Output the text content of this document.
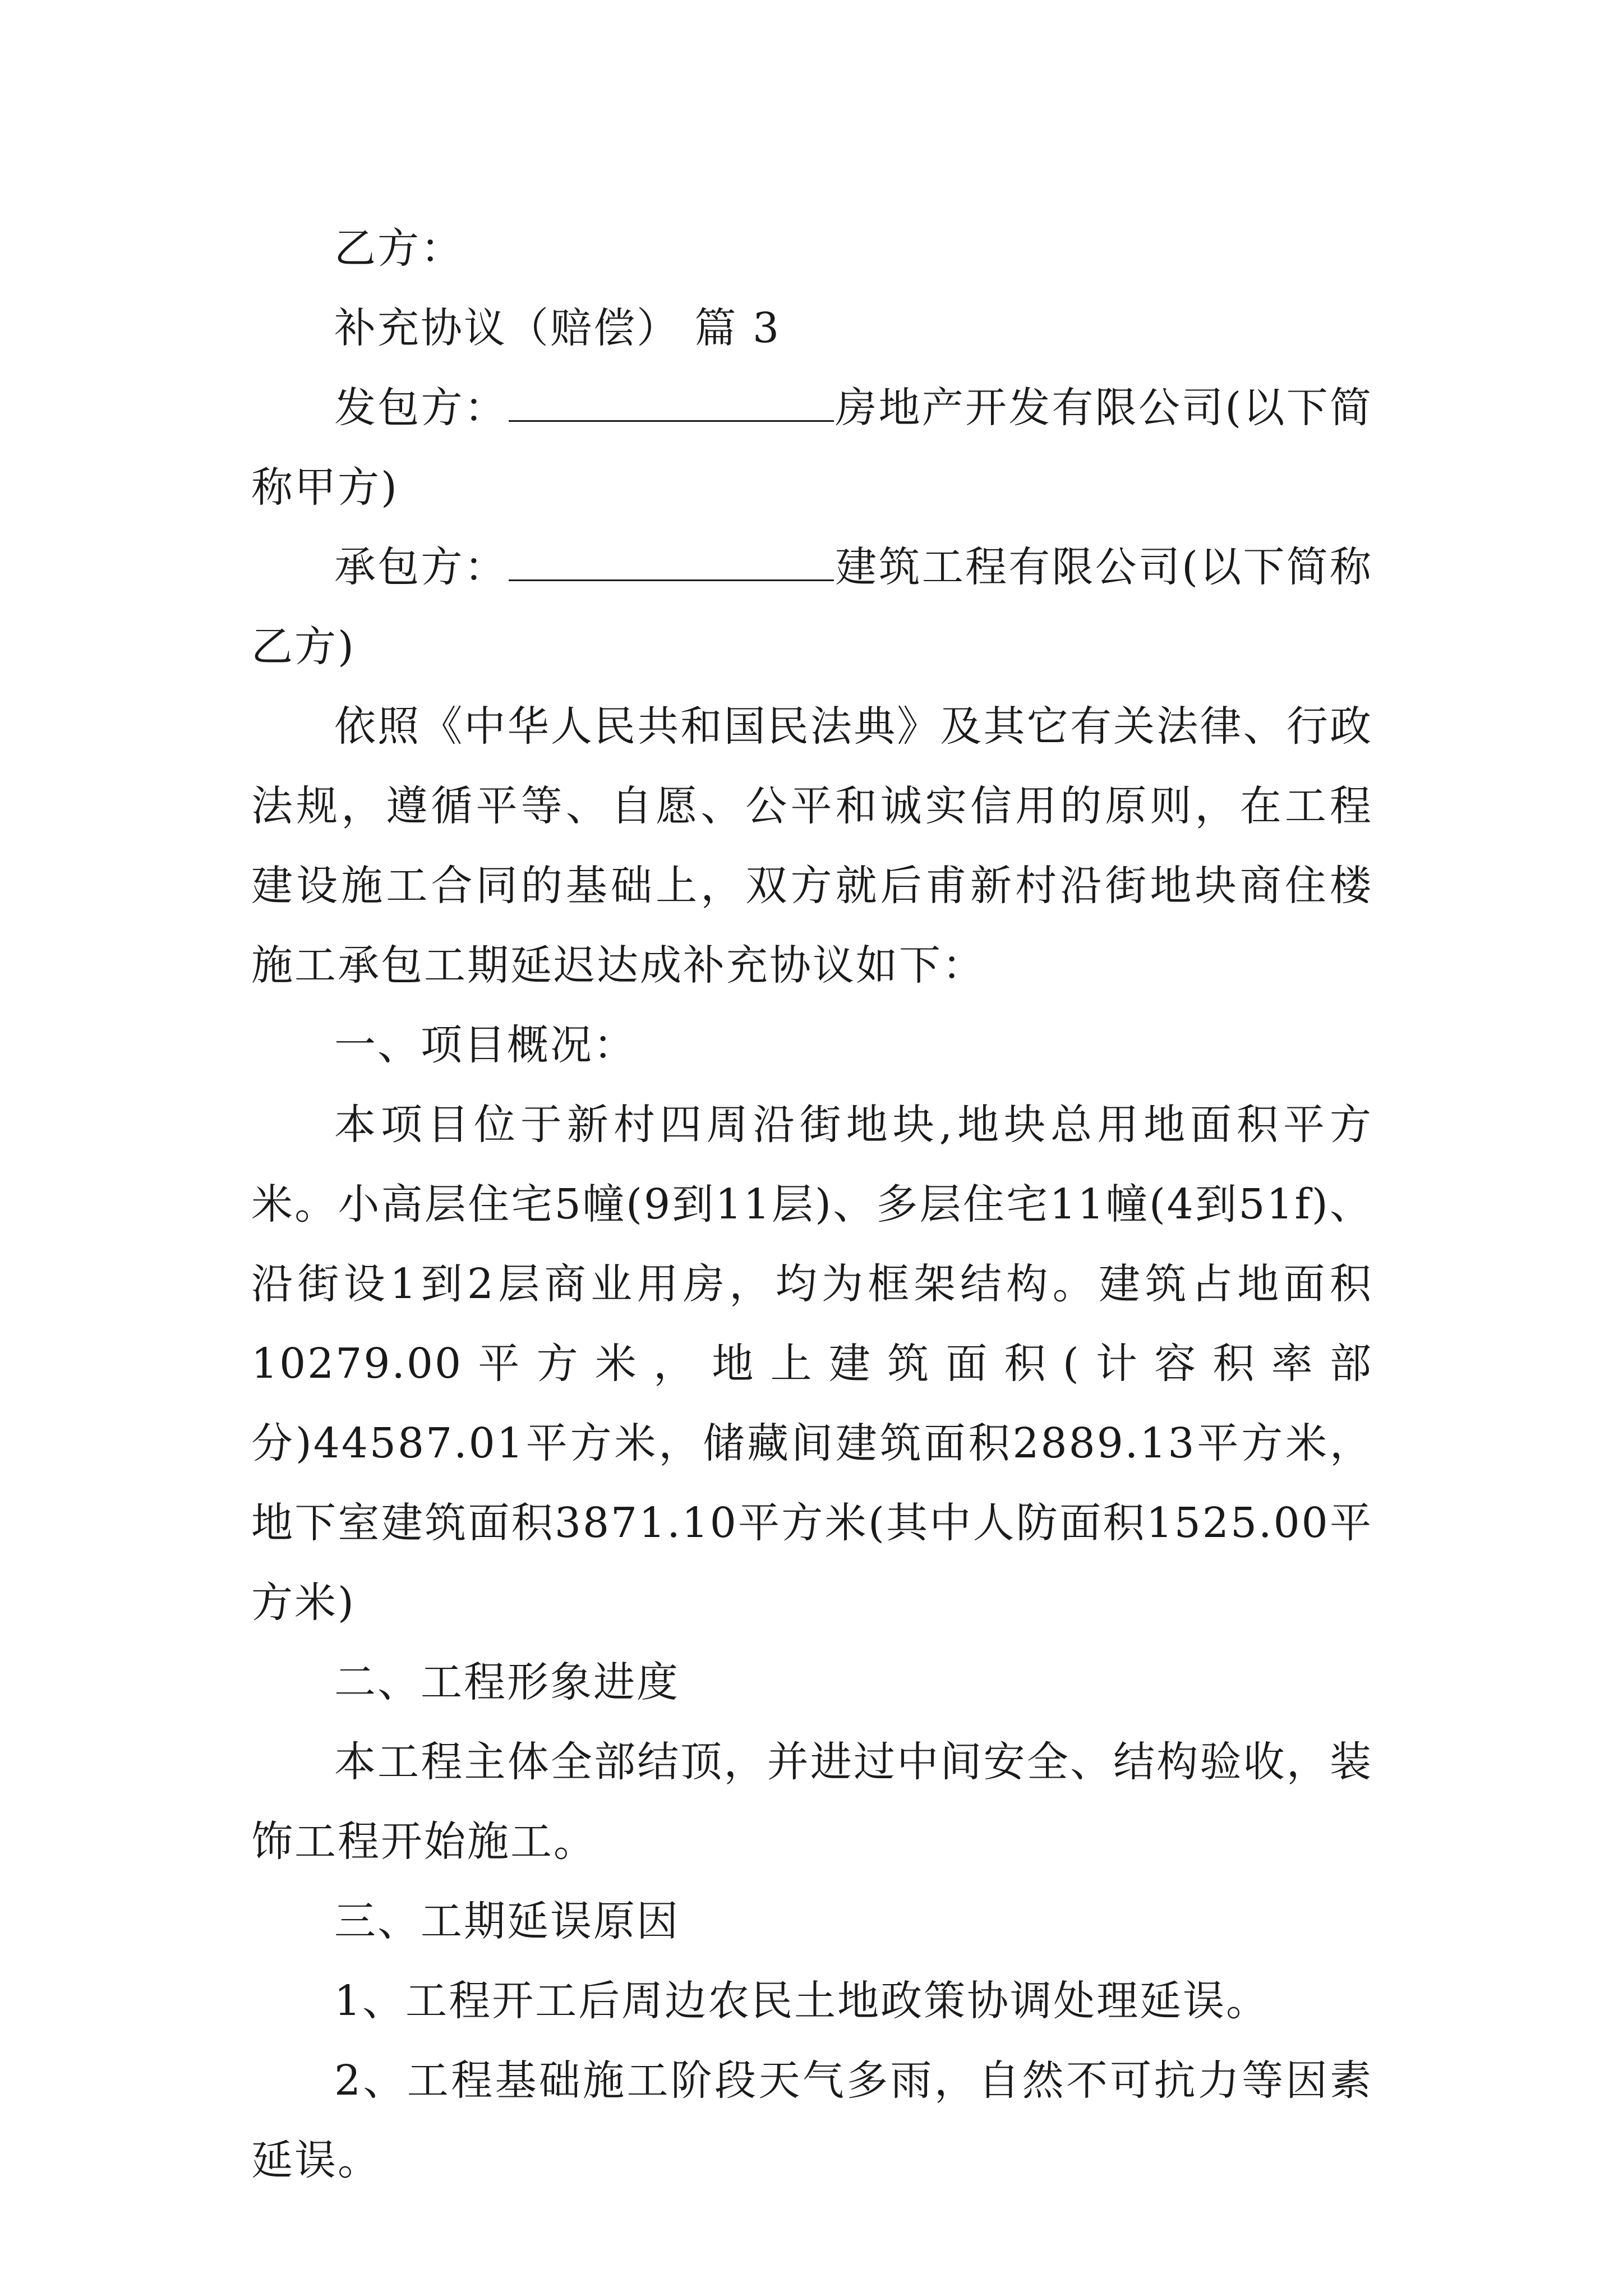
乙方：

补充协议（赔偿） 篇 3

发包方：	房地产开发有限公司(以下简称甲方)

承包方：	建筑工程有限公司(以下简称乙方)

依照《中华人民共和国民法典》及其它有关法律、行政法规，遵循平等、自愿、公平和诚实信用的原则，在工程建设施工合同的基础上，双方就后甫新村沿街地块商住楼施工承包工期延迟达成补充协议如下：

一、项目概况：

本项目位于新村四周沿街地块,地块总用地面积平方米。小高层住宅5幢(9到11层)、多层住宅11幢(4到51f)、沿街设1到2层商业用房，均为框架结构。建筑占地面积10279.00平方米，地上建筑面积(计容积率部分)44587.01平方米，储藏间建筑面积2889.13平方米，地下室建筑面积3871.10平方米(其中人防面积1525.00平方米)

二、工程形象进度

本工程主体全部结顶，并进过中间安全、结构验收，装饰工程开始施工。

三、工期延误原因

1、工程开工后周边农民土地政策协调处理延误。

2、工程基础施工阶段天气多雨，自然不可抗力等因素延误。
